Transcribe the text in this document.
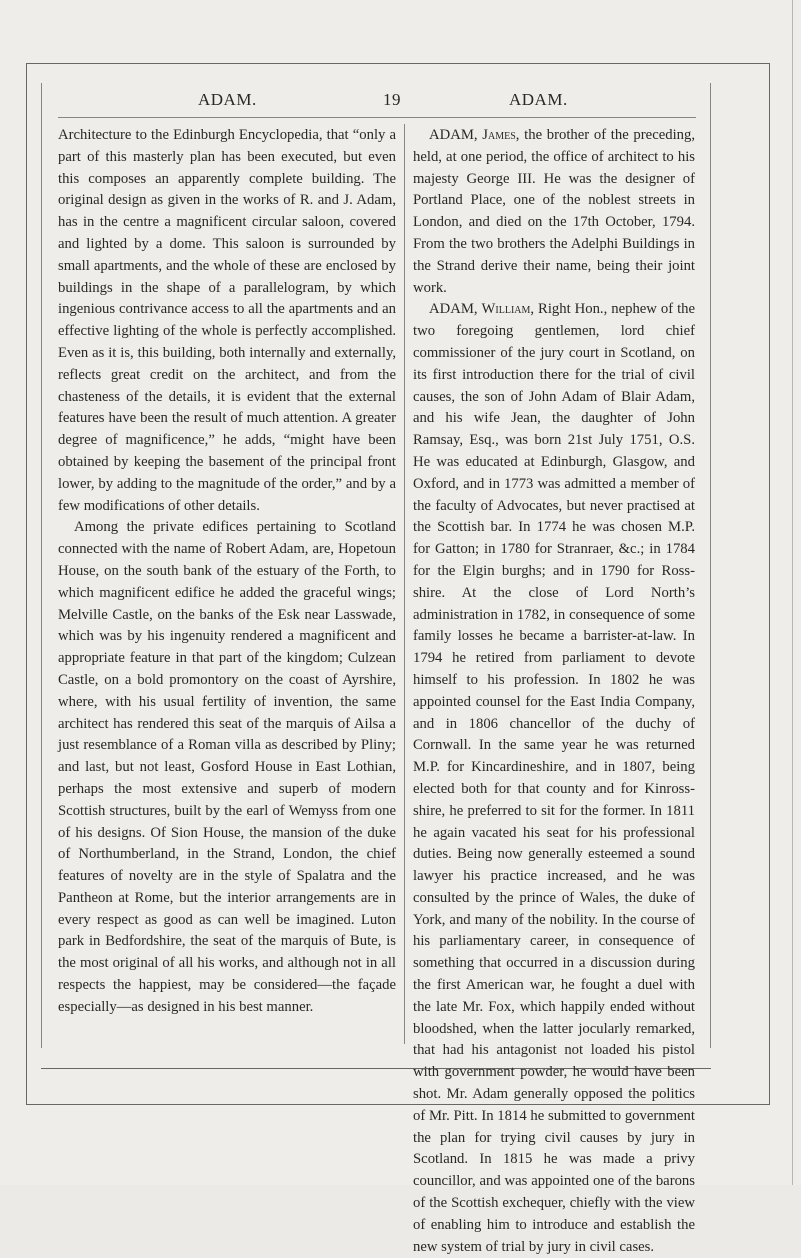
ADAM.	19	ADAM.

Architecture to the Edinburgh Encyclopedia, that “only a part of this masterly plan has been executed, but even this composes an apparently complete building. The original design as given in the works of R. and J. Adam, has in the centre a magnificent circular saloon, covered and lighted by a dome. This saloon is surrounded by small apartments, and the whole of these are enclosed by buildings in the shape of a parallelogram, by which ingenious contrivance access to all the apartments and an effective lighting of the whole is perfectly accomplished. Even as it is, this building, both internally and externally, reflects great credit on the architect, and from the chasteness of the details, it is evident that the external features have been the result of much attention. A greater degree of magnificence,” he adds, “might have been obtained by keeping the basement of the principal front lower, by adding to the magnitude of the order,” and by a few modifications of other details.

Among the private edifices pertaining to Scotland connected with the name of Robert Adam, are, Hopetoun House, on the south bank of the estuary of the Forth, to which magnificent edifice he added the graceful wings; Melville Castle, on the banks of the Esk near Lasswade, which was by his ingenuity rendered a magnificent and appropriate feature in that part of the kingdom; Culzean Castle, on a bold promontory on the coast of Ayrshire, where, with his usual fertility of invention, the same architect has rendered this seat of the marquis of Ailsa a just resemblance of a Roman villa as described by Pliny; and last, but not least, Gosford House in East Lothian, perhaps the most extensive and superb of modern Scottish structures, built by the earl of Wemyss from one of his designs. Of Sion House, the mansion of the duke of Northumberland, in the Strand, London, the chief features of novelty are in the style of Spalatra and the Pantheon at Rome, but the interior arrangements are in every respect as good as can well be imagined. Luton park in Bedfordshire, the seat of the marquis of Bute, is the most original of all his works, and although not in all respects the happiest, may be considered—the façade especially—as designed in his best manner.

ADAM, James, the brother of the preceding, held, at one period, the office of architect to his majesty George III. He was the designer of Portland Place, one of the noblest streets in London, and died on the 17th October, 1794. From the two brothers the Adelphi Buildings in the Strand derive their name, being their joint work.

ADAM, William, Right Hon., nephew of the two foregoing gentlemen, lord chief commissioner of the jury court in Scotland, on its first introduction there for the trial of civil causes, the son of John Adam of Blair Adam, and his wife Jean, the daughter of John Ramsay, Esq., was born 21st July 1751, O.S. He was educated at Edinburgh, Glasgow, and Oxford, and in 1773 was admitted a member of the faculty of Advocates, but never practised at the Scottish bar. In 1774 he was chosen M.P. for Gatton; in 1780 for Stranraer, &c.; in 1784 for the Elgin burghs; and in 1790 for Ross-shire. At the close of Lord North’s administration in 1782, in consequence of some family losses he became a barrister-at-law. In 1794 he retired from parliament to devote himself to his profession. In 1802 he was appointed counsel for the East India Company, and in 1806 chancellor of the duchy of Cornwall. In the same year he was returned M.P. for Kincardineshire, and in 1807, being elected both for that county and for Kinross-shire, he preferred to sit for the former. In 1811 he again vacated his seat for his professional duties. Being now generally esteemed a sound lawyer his practice increased, and he was consulted by the prince of Wales, the duke of York, and many of the nobility. In the course of his parliamentary career, in consequence of something that occurred in a discussion during the first American war, he fought a duel with the late Mr. Fox, which happily ended without bloodshed, when the latter jocularly remarked, that had his antagonist not loaded his pistol with government powder, he would have been shot. Mr. Adam generally opposed the politics of Mr. Pitt. In 1814 he submitted to government the plan for trying civil causes by jury in Scotland. In 1815 he was made a privy councillor, and was appointed one of the barons of the Scottish exchequer, chiefly with the view of enabling him to introduce and establish the new system of trial by jury in civil cases.
